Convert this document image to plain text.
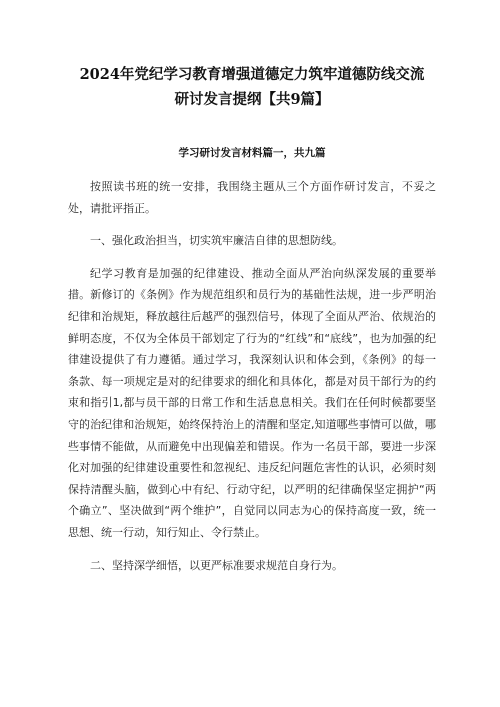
2024年党纪学习教育增强道德定力筑牢道德防线交流
研讨发言提纲【共9篇】
学习研讨发言材料篇一，共九篇

按照读书班的统一安排，我围绕主题从三个方面作研讨发言，不妥之处，请批评指正。

一、强化政治担当，切实筑牢廉洁自律的思想防线。

纪学习教育是加强的纪律建设、推动全面从严治向纵深发展的重要举措。新修订的《条例》作为规范组织和员行为的基础性法规，进一步严明治纪律和治规矩，释放越往后越严的强烈信号，体现了全面从严治、依规治的鲜明态度，不仅为全体员干部划定了行为的“红线”和“底线”，也为加强的纪律建设提供了有力遵循。通过学习，我深刻认识和体会到，《条例》的每一条款、每一项规定是对的纪律要求的细化和具体化，都是对员干部行为的约束和指引1,都与员干部的日常工作和生活息息相关。我们在任何时候都要坚守的治纪律和治规矩，始终保持治上的清醒和坚定,知道哪些事情可以做，哪些事情不能做，从而避免中出现偏差和错误。作为一名员干部，要进一步深化对加强的纪律建设重要性和忽视纪、违反纪问题危害性的认识，必须时刻保持清醒头脑，做到心中有纪、行动守纪，以严明的纪律确保坚定拥护“两个确立”、坚决做到“两个维护”，自觉同以同志为心的保持高度一致，统一思想、统一行动，知行知止、令行禁止。

二、坚持深学细悟，以更严标准要求规范自身行为。
